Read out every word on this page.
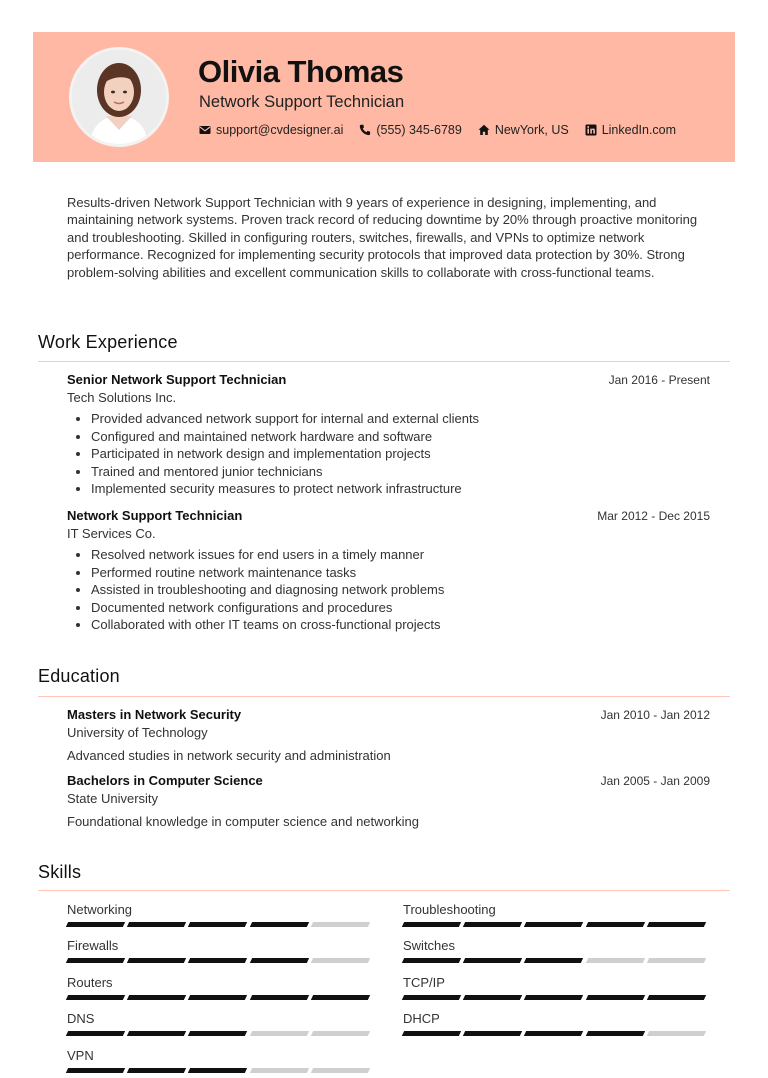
Olivia Thomas
Network Support Technician
support@cvdesigner.ai	(555) 345-6789	NewYork, US	LinkedIn.com

Results-driven Network Support Technician with 9 years of experience in designing, implementing, and maintaining network systems. Proven track record of reducing downtime by 20% through proactive monitoring and troubleshooting. Skilled in configuring routers, switches, firewalls, and VPNs to optimize network performance. Recognized for implementing security protocols that improved data protection by 30%. Strong problem-solving abilities and excellent communication skills to collaborate with cross-functional teams.

Work Experience
Senior Network Support Technician	Jan 2016 - Present
Tech Solutions Inc.
Provided advanced network support for internal and external clients
Configured and maintained network hardware and software
Participated in network design and implementation projects
Trained and mentored junior technicians
Implemented security measures to protect network infrastructure
Network Support Technician	Mar 2012 - Dec 2015
IT Services Co.
Resolved network issues for end users in a timely manner
Performed routine network maintenance tasks
Assisted in troubleshooting and diagnosing network problems
Documented network configurations and procedures
Collaborated with other IT teams on cross-functional projects
Education
Masters in Network Security	Jan 2010 - Jan 2012
University of Technology
Advanced studies in network security and administration
Bachelors in Computer Science	Jan 2005 - Jan 2009
State University
Foundational knowledge in computer science and networking
Skills
Networking	Troubleshooting
Firewalls	Switches
Routers	TCP/IP
DNS	DHCP
VPN
